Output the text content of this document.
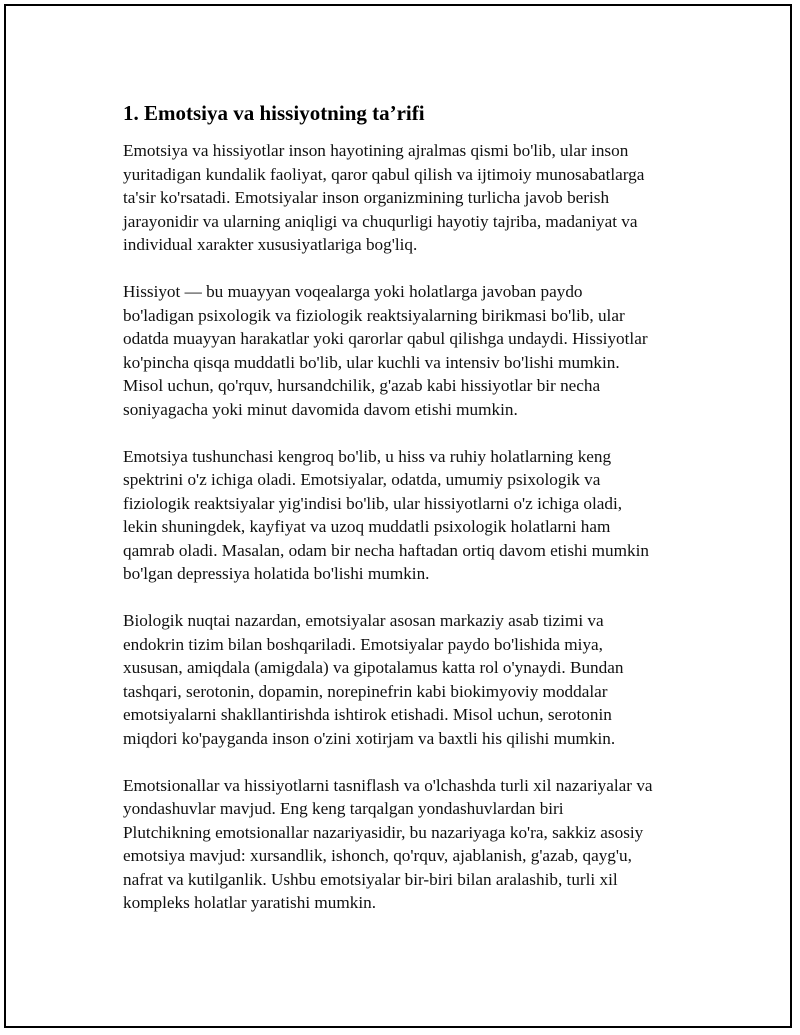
1. Emotsiya va hissiyotning ta’rifi

Emotsiya va hissiyotlar inson hayotining ajralmas qismi bo'lib, ular inson
yuritadigan kundalik faoliyat, qaror qabul qilish va ijtimoiy munosabatlarga
ta'sir ko'rsatadi. Emotsiyalar inson organizmining turlicha javob berish
jarayonidir va ularning aniqligi va chuqurligi hayotiy tajriba, madaniyat va
individual xarakter xususiyatlariga bog'liq.

Hissiyot — bu muayyan voqealarga yoki holatlarga javoban paydo
bo'ladigan psixologik va fiziologik reaktsiyalarning birikmasi bo'lib, ular
odatda muayyan harakatlar yoki qarorlar qabul qilishga undaydi. Hissiyotlar
ko'pincha qisqa muddatli bo'lib, ular kuchli va intensiv bo'lishi mumkin.
Misol uchun, qo'rquv, hursandchilik, g'azab kabi hissiyotlar bir necha
soniyagacha yoki minut davomida davom etishi mumkin.

Emotsiya tushunchasi kengroq bo'lib, u hiss va ruhiy holatlarning keng
spektrini o'z ichiga oladi. Emotsiyalar, odatda, umumiy psixologik va
fiziologik reaktsiyalar yig'indisi bo'lib, ular hissiyotlarni o'z ichiga oladi,
lekin shuningdek, kayfiyat va uzoq muddatli psixologik holatlarni ham
qamrab oladi. Masalan, odam bir necha haftadan ortiq davom etishi mumkin
bo'lgan depressiya holatida bo'lishi mumkin.

Biologik nuqtai nazardan, emotsiyalar asosan markaziy asab tizimi va
endokrin tizim bilan boshqariladi. Emotsiyalar paydo bo'lishida miya,
xususan, amiqdala (amigdala) va gipotalamus katta rol o'ynaydi. Bundan
tashqari, serotonin, dopamin, norepinefrin kabi biokimyoviy moddalar
emotsiyalarni shakllantirishda ishtirok etishadi. Misol uchun, serotonin
miqdori ko'payganda inson o'zini xotirjam va baxtli his qilishi mumkin.

Emotsionallar va hissiyotlarni tasniflash va o'lchashda turli xil nazariyalar va
yondashuvlar mavjud. Eng keng tarqalgan yondashuvlardan biri
Plutchikning emotsionallar nazariyasidir, bu nazariyaga ko'ra, sakkiz asosiy
emotsiya mavjud: xursandlik, ishonch, qo'rquv, ajablanish, g'azab, qayg'u,
nafrat va kutilganlik. Ushbu emotsiyalar bir-biri bilan aralashib, turli xil
kompleks holatlar yaratishi mumkin.
